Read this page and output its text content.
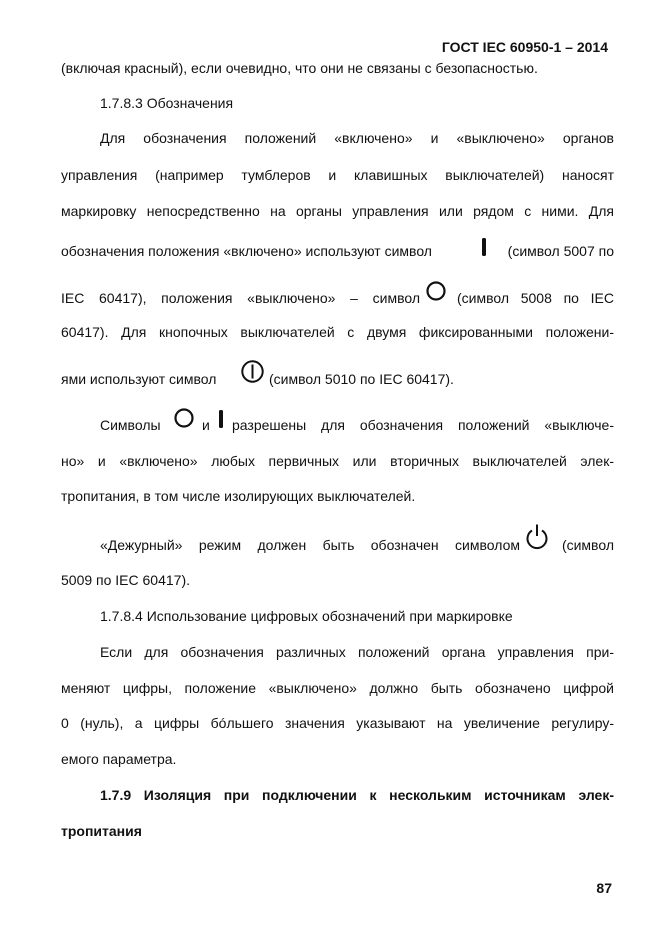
ГОСТ IEC 60950-1 – 2014
(включая красный), если очевидно, что они не связаны с безопасностью.
1.7.8.3 Обозначения
Для обозначения положений «включено» и «выключено» органов
управления (например тумблеров и клавишных выключателей) наносят
маркировку непосредственно на органы управления или рядом с ними. Для
обозначения положения «включено» используют символ	(символ 5007 по
IEC 60417), положения «выключено» – символ	(символ 5008 по IEC
60417). Для кнопочных выключателей с двумя фиксированными положени-
ями используют символ	(символ 5010 по IEC 60417).
Символы	и разрешены для обозначения положений «выключе-
но» и «включено» любых первичных или вторичных выключателей элек-
тропитания, в том числе изолирующих выключателей.
«Дежурный» режим должен быть обозначен символом	(символ
5009 по IEC 60417).
1.7.8.4 Использование цифровых обозначений при маркировке
Если для обозначения различных положений органа управления при-
меняют цифры, положение «выключено» должно быть обозначено цифрой
0 (нуль), а цифры бóльшего значения указывают на увеличение регулиру-
емого параметра.
1.7.9 Изоляция при подключении к нескольким источникам элек-
тропитания
87
